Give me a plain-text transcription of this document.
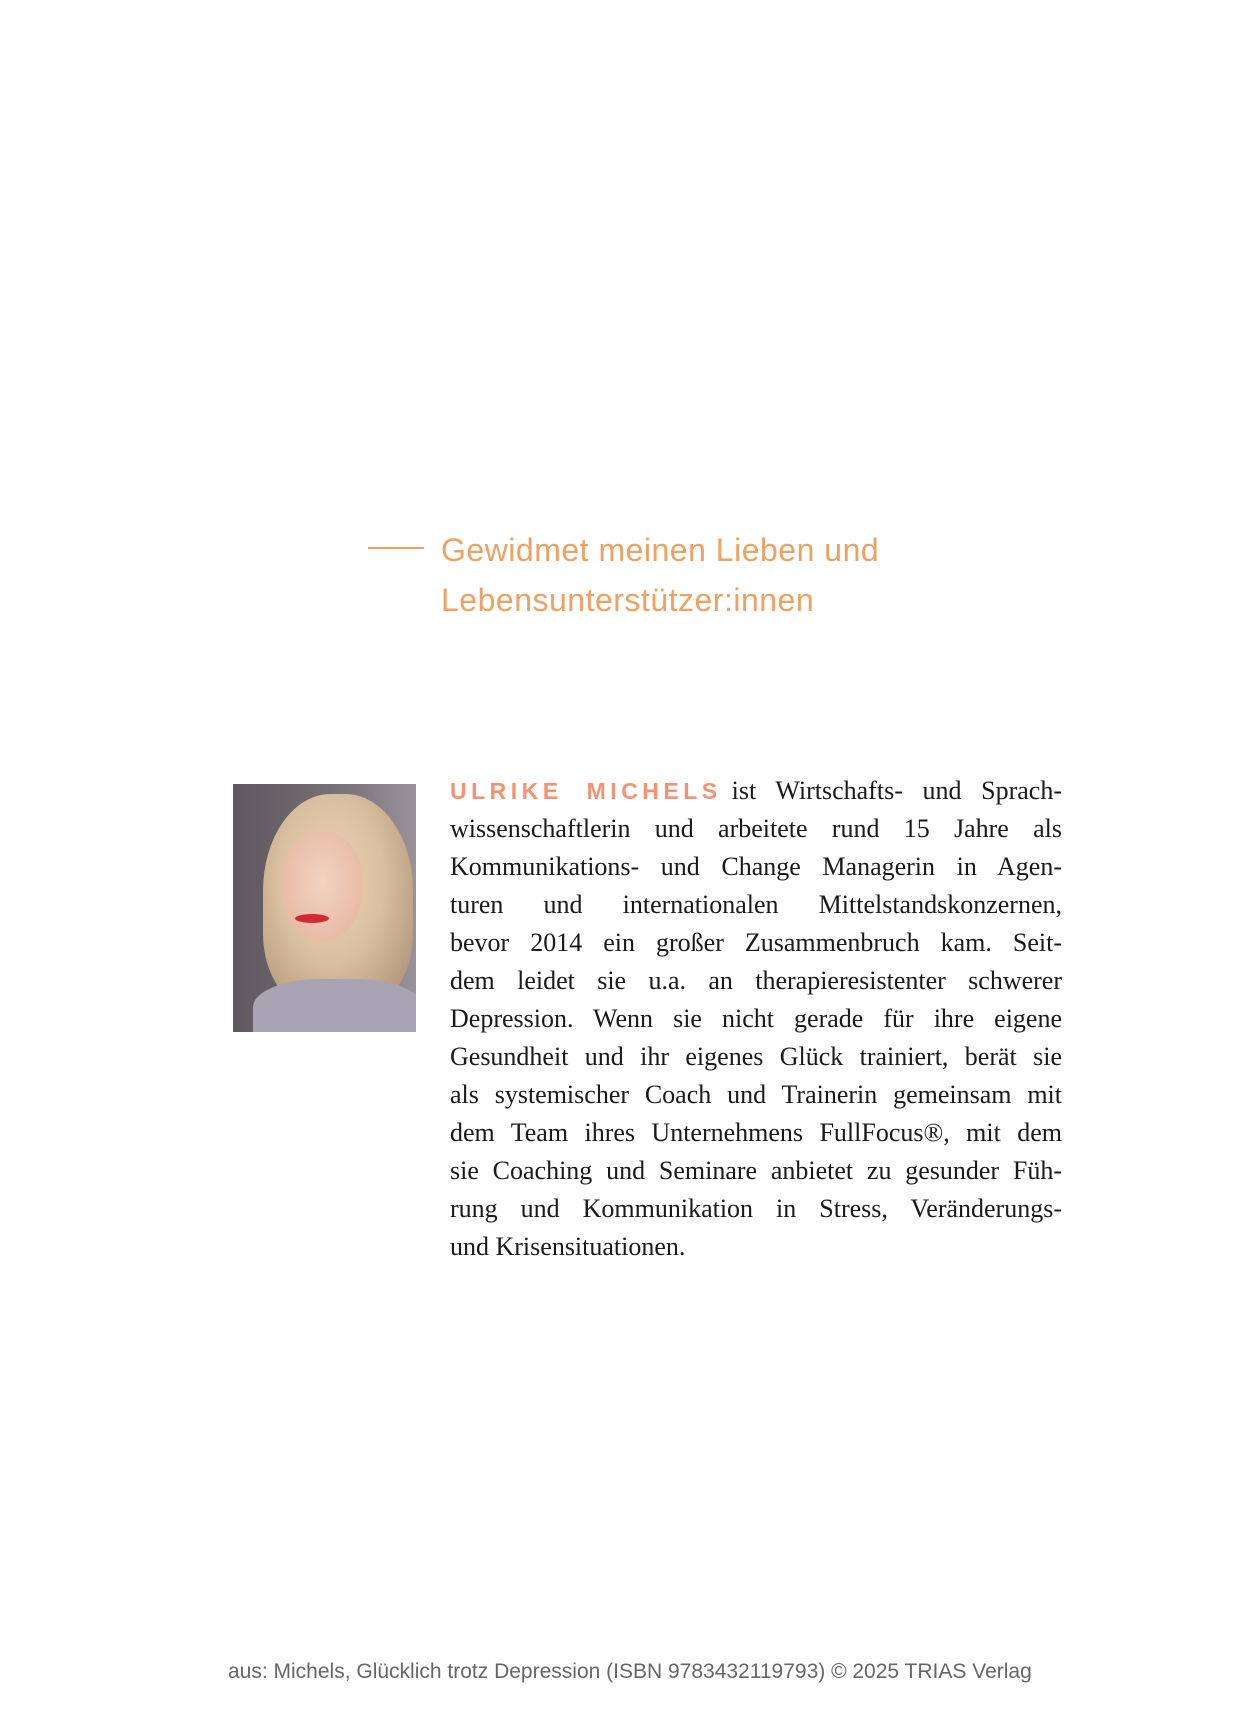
Gewidmet meinen Lieben und
Lebensunterstützer:innen
ULRIKE MICHELS ist Wirtschafts- und Sprach-
wissenschaftlerin und arbeitete rund 15 Jahre als
Kommunikations- und Change Managerin in Agen-
turen und internationalen Mittelstandskonzernen,
bevor 2014 ein großer Zusammenbruch kam. Seit-
dem leidet sie u.a. an therapieresistenter schwerer
Depression. Wenn sie nicht gerade für ihre eigene
Gesundheit und ihr eigenes Glück trainiert, berät sie
als systemischer Coach und Trainerin gemeinsam mit
dem Team ihres Unternehmens FullFocus®, mit dem
sie Coaching und Seminare anbietet zu gesunder Füh-
rung und Kommunikation in Stress, Veränderungs-
und Krisensituationen.
aus: Michels, Glücklich trotz Depression (ISBN 9783432119793) © 2025 TRIAS Verlag
